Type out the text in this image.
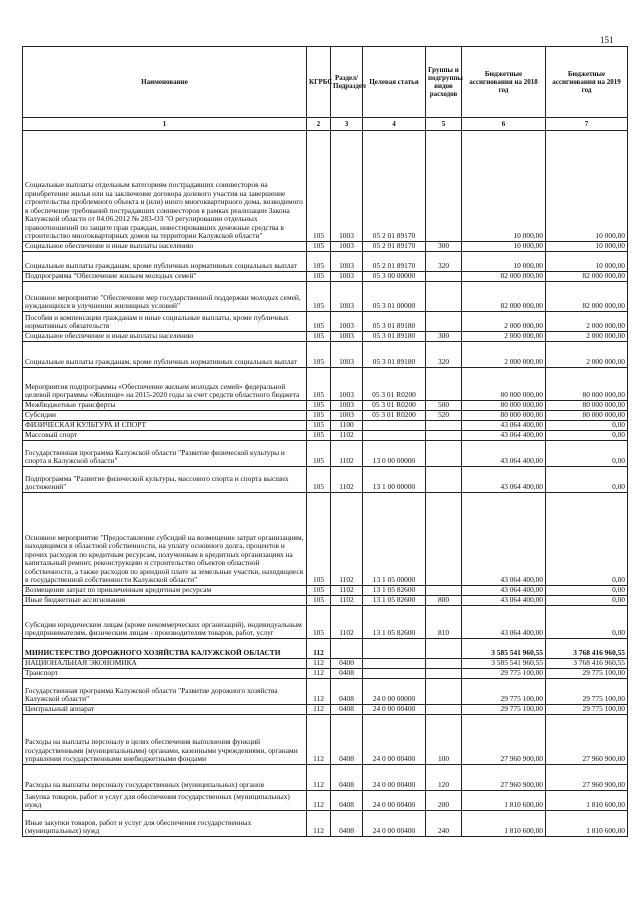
151
Наименование	КГРБС	Раздел/ Подраздел	Целевая статья	Группы и подгруппы видов расходов	Бюджетные ассигнования на 2018 год	Бюджетные ассигнования на 2019 год
1	2	3	4	5	6	7
Социальные выплаты отдельным категориям пострадавших соинвесторов на приобретение жилья или на заключение договора долевого участия на завершение строительства проблемного объекта и (или) иного многоквартирного дома, возводимого в обеспечение требований пострадавших соинвесторов в рамках реализации Закона Калужской области от 04.06.2012 № 283-ОЗ "О регулировании отдельных правоотношений по защите прав граждан, инвестировавших денежные средства в строительство многоквартирных домов на территории Калужской области"	105	1003	05 2 01 89170		10 000,00	10 000,00
Социальное обеспечение и иные выплаты населению	105	1003	05 2 01 89170	300	10 000,00	10 000,00
Социальные выплаты гражданам, кроме публичных нормативных социальных выплат	105	1003	05 2 01 89170	320	10 000,00	10 000,00
Подпрограмма "Обеспечение жильем молодых семей"	105	1003	05 3 00 00000		82 000 000,00	82 000 000,00
Основное мероприятие "Обеспечение мер государственной поддержки молодых семей, нуждающихся в улучшении жилищных условий"	105	1003	05 3 01 00000		82 000 000,00	82 000 000,00
Пособия и компенсации гражданам и иные социальные выплаты, кроме публичных нормативных обязательств	105	1003	05 3 01 89180		2 000 000,00	2 000 000,00
Социальное обеспечение и иные выплаты населению	105	1003	05 3 01 89180	300	2 000 000,00	2 000 000,00
Социальные выплаты гражданам, кроме публичных нормативных социальных выплат	105	1003	05 3 01 89180	320	2 000 000,00	2 000 000,00
Мероприятия подпрограммы «Обеспечение жильем молодых семей» федеральной целевой программы «Жилище» на 2015-2020 годы за счет средств областного бюджета	105	1003	05 3 01 R0200		80 000 000,00	80 000 000,00
Межбюджетные трансферты	105	1003	05 3 01 R0200	500	80 000 000,00	80 000 000,00
Субсидии	105	1003	05 3 01 R0200	520	80 000 000,00	80 000 000,00
ФИЗИЧЕСКАЯ КУЛЬТУРА И СПОРТ	105	1100			43 064 400,00	0,00
Массовый спорт	105	1102			43 064 400,00	0,00
Государственная программа Калужской области "Развитие физической культуры и спорта в Калужской области"	105	1102	13 0 00 00000		43 064 400,00	0,00
Подпрограмма "Развитие физической культуры, массового спорта и спорта высших достижений"	105	1102	13 1 00 00000		43 064 400,00	0,00
Основное мероприятие "Предоставление субсидий на возмещение затрат организациям, находящимся в областной собственности, на уплату основного долга, процентов и прочих расходов по кредитным ресурсам, полученным в кредитных организациях на капитальный ремонт, реконструкцию и строительство объектов областной собственности, а также расходов по арендной плате за земельные участки, находящиеся в государственной собственности Калужской области"	105	1102	13 1 05 00000		43 064 400,00	0,00
Возмещение затрат по привлеченным кредитным ресурсам	105	1102	13 1 05 82600		43 064 400,00	0,00
Иные бюджетные ассигнования	105	1102	13 1 05 82600	800	43 064 400,00	0,00
Субсидии юридическим лицам (кроме некоммерческих организаций), индивидуальным предпринимателям, физическим лицам - производителям товаров, работ, услуг	105	1102	13 1 05 82600	810	43 064 400,00	0,00
МИНИСТЕРСТВО ДОРОЖНОГО ХОЗЯЙСТВА КАЛУЖСКОЙ ОБЛАСТИ	112				3 585 541 960,55	3 768 416 960,55
НАЦИОНАЛЬНАЯ ЭКОНОМИКА	112	0400			3 585 541 960,55	3 768 416 960,55
Транспорт	112	0408			29 775 100,00	29 775 100,00
Государственная программа Калужской области "Развитие дорожного хозяйства Калужской области"	112	0408	24 0 00 00000		29 775 100,00	29 775 100,00
Центральный аппарат	112	0408	24 0 00 00400		29 775 100,00	29 775 100,00
Расходы на выплаты персоналу в целях обеспечения выполнения функций государственными (муниципальными) органами, казенными учреждениями, органами управления государственными внебюджетными фондами	112	0408	24 0 00 00400	100	27 960 900,00	27 960 900,00
Расходы на выплаты персоналу государственных (муниципальных) органов	112	0408	24 0 00 00400	120	27 960 900,00	27 960 900,00
Закупка товаров, работ и услуг для обеспечения государственных (муниципальных) нужд	112	0408	24 0 00 00400	200	1 810 600,00	1 810 600,00
Иные закупки товаров, работ и услуг для обеспечения государственных (муниципальных) нужд	112	0408	24 0 00 00400	240	1 810 600,00	1 810 600,00
